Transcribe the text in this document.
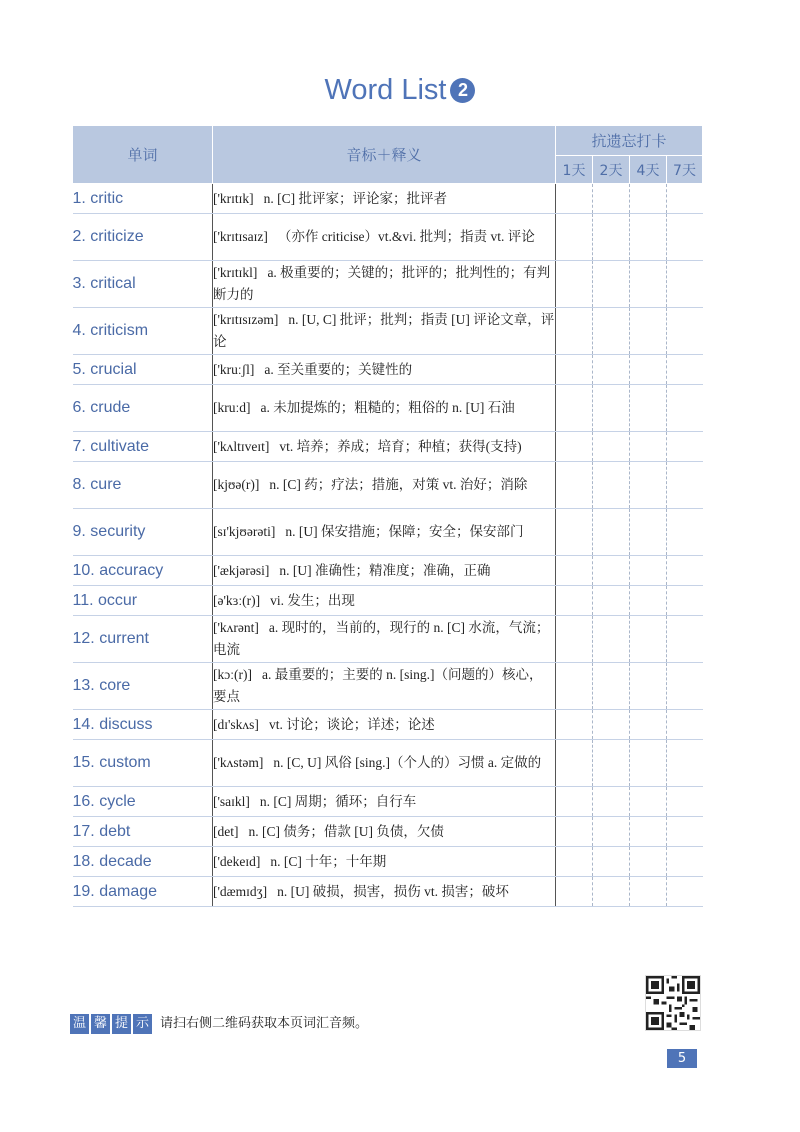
Word List 2
单词	音标＋释义	抗遗忘打卡			
		1天	2天	4天	7天
1. critic	['krɪtɪk] n. [C] 批评家；评论家；批评者				
2. criticize	['krɪtɪsaɪz] （亦作 criticise）vt.&vi. 批判；指责 vt. 评论				
3. critical	['krɪtɪkl] a. 极重要的；关键的；批评的；批判性的；有判断力的				
4. criticism	['krɪtɪsɪzəm] n. [U, C] 批评；批判；指责 [U] 评论文章，评论				
5. crucial	['kruːʃl] a. 至关重要的；关键性的				
6. crude	[kruːd] a. 未加提炼的；粗糙的；粗俗的 n. [U] 石油				
7. cultivate	['kʌltɪveɪt] vt. 培养；养成；培育；种植；获得(支持)				
8. cure	[kjʊə(r)] n. [C] 药；疗法；措施，对策 vt. 治好；消除				
9. security	[sɪ'kjʊərəti] n. [U] 保安措施；保障；安全；保安部门				
10. accuracy	['ækjərəsi] n. [U] 准确性；精准度；准确，正确				
11. occur	[ə'kɜː(r)] vi. 发生；出现				
12. current	['kʌrənt] a. 现时的，当前的，现行的 n. [C] 水流，气流；电流				
13. core	[kɔː(r)] a. 最重要的；主要的 n. [sing.]（问题的）核心，要点				
14. discuss	[dɪ'skʌs] vt. 讨论；谈论；详述；论述				
15. custom	['kʌstəm] n. [C, U] 风俗 [sing.]（个人的）习惯 a. 定做的				
16. cycle	['saɪkl] n. [C] 周期；循环；自行车				
17. debt	[det] n. [C] 债务；借款 [U] 负债，欠债				
18. decade	['dekeɪd] n. [C] 十年；十年期				
19. damage	['dæmɪdʒ] n. [U] 破损，损害，损伤 vt. 损害；破坏				
温 馨 提 示 请扫右侧二维码获取本页词汇音频。
5
